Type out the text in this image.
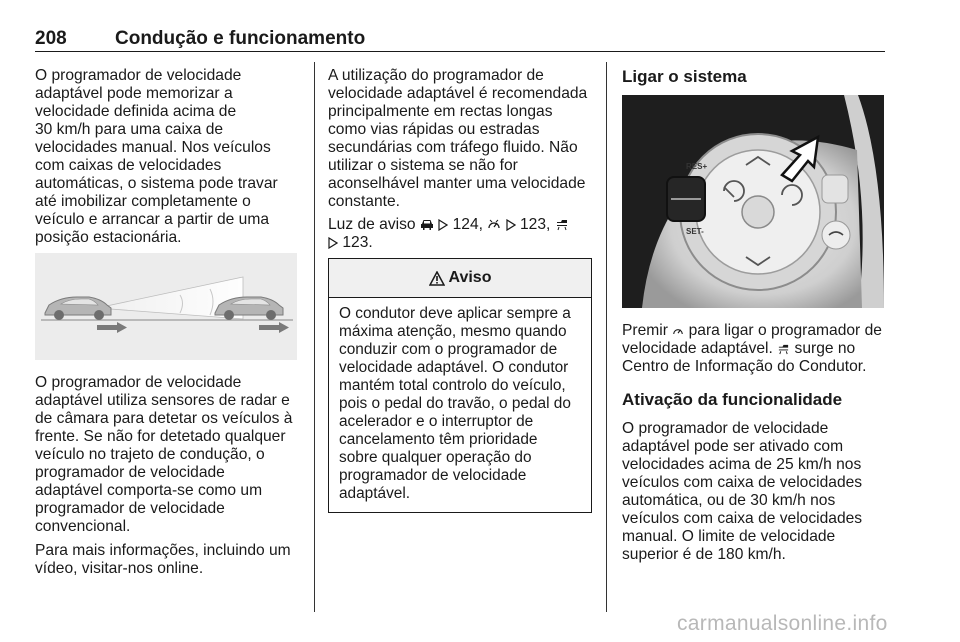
208	Condução e funcionamento
O programador de velocidade
adaptável pode memorizar a
velocidade definida acima de
30 km/h para uma caixa de
velocidades manual. Nos veículos
com caixas de velocidades
automáticas, o sistema pode travar
até imobilizar completamente o
veículo e arrancar a partir de uma
posição estacionária.
O programador de velocidade
adaptável utiliza sensores de radar e
de câmara para detetar os veículos à
frente. Se não for detetado qualquer
veículo no trajeto de condução, o
programador de velocidade
adaptável comporta-se como um
programador de velocidade
convencional.
Para mais informações, incluindo um
vídeo, visitar-nos online.
A utilização do programador de
velocidade adaptável é recomendada
principalmente em rectas longas
como vias rápidas ou estradas
secundárias com tráfego fluido. Não
utilizar o sistema se não for
aconselhável manter uma velocidade
constante.
Luz de aviso 124, 123,
123.
Aviso
O condutor deve aplicar sempre a
máxima atenção, mesmo quando
conduzir com o programador de
velocidade adaptável. O condutor
mantém total controlo do veículo,
pois o pedal do travão, o pedal do
acelerador e o interruptor de
cancelamento têm prioridade
sobre qualquer operação do
programador de velocidade
adaptável.
Ligar o sistema
RES+
SET-
Premir para ligar o programador de
velocidade adaptável. surge no
Centro de Informação do Condutor.
Ativação da funcionalidade
O programador de velocidade
adaptável pode ser ativado com
velocidades acima de 25 km/h nos
veículos com caixa de velocidades
automática, ou de 30 km/h nos
veículos com caixa de velocidades
manual. O limite de velocidade
superior é de 180 km/h.
carmanualsonline.info
